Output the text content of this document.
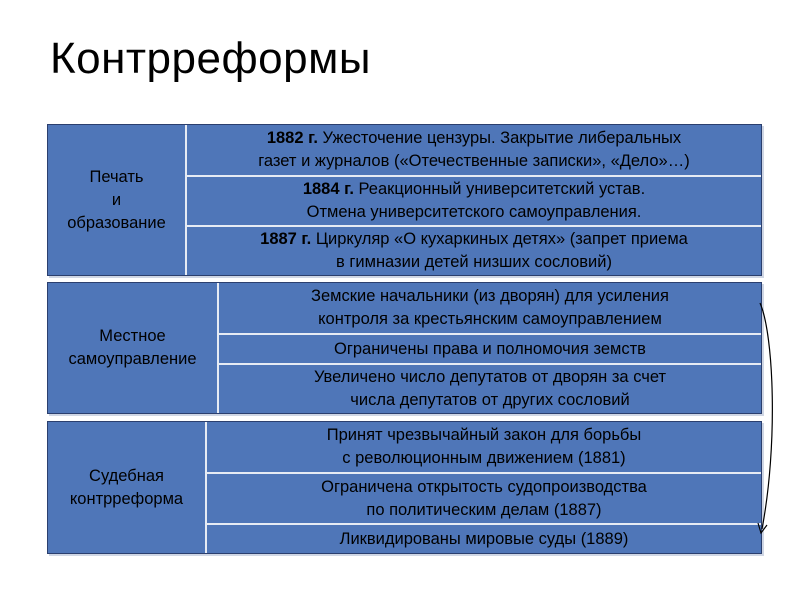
Контрреформы
Печать
и
образование
1882 г. Ужесточение цензуры. Закрытие либеральных
газет и журналов («Отечественные записки», «Дело»…)
1884 г. Реакционный университетский устав.
Отмена университетского самоуправления.
1887 г. Циркуляр «О кухаркиных детях» (запрет приема
в гимназии детей низших сословий)
Местное
самоуправление
Земские начальники (из дворян) для усиления
контроля за крестьянским самоуправлением
Ограничены права и полномочия земств
Увеличено число депутатов от дворян за счет
числа депутатов от других сословий
Судебная
контрреформа
Принят чрезвычайный закон для борьбы
с революционным движением (1881)
Ограничена открытость судопроизводства
по политическим делам (1887)
Ликвидированы мировые суды (1889)
